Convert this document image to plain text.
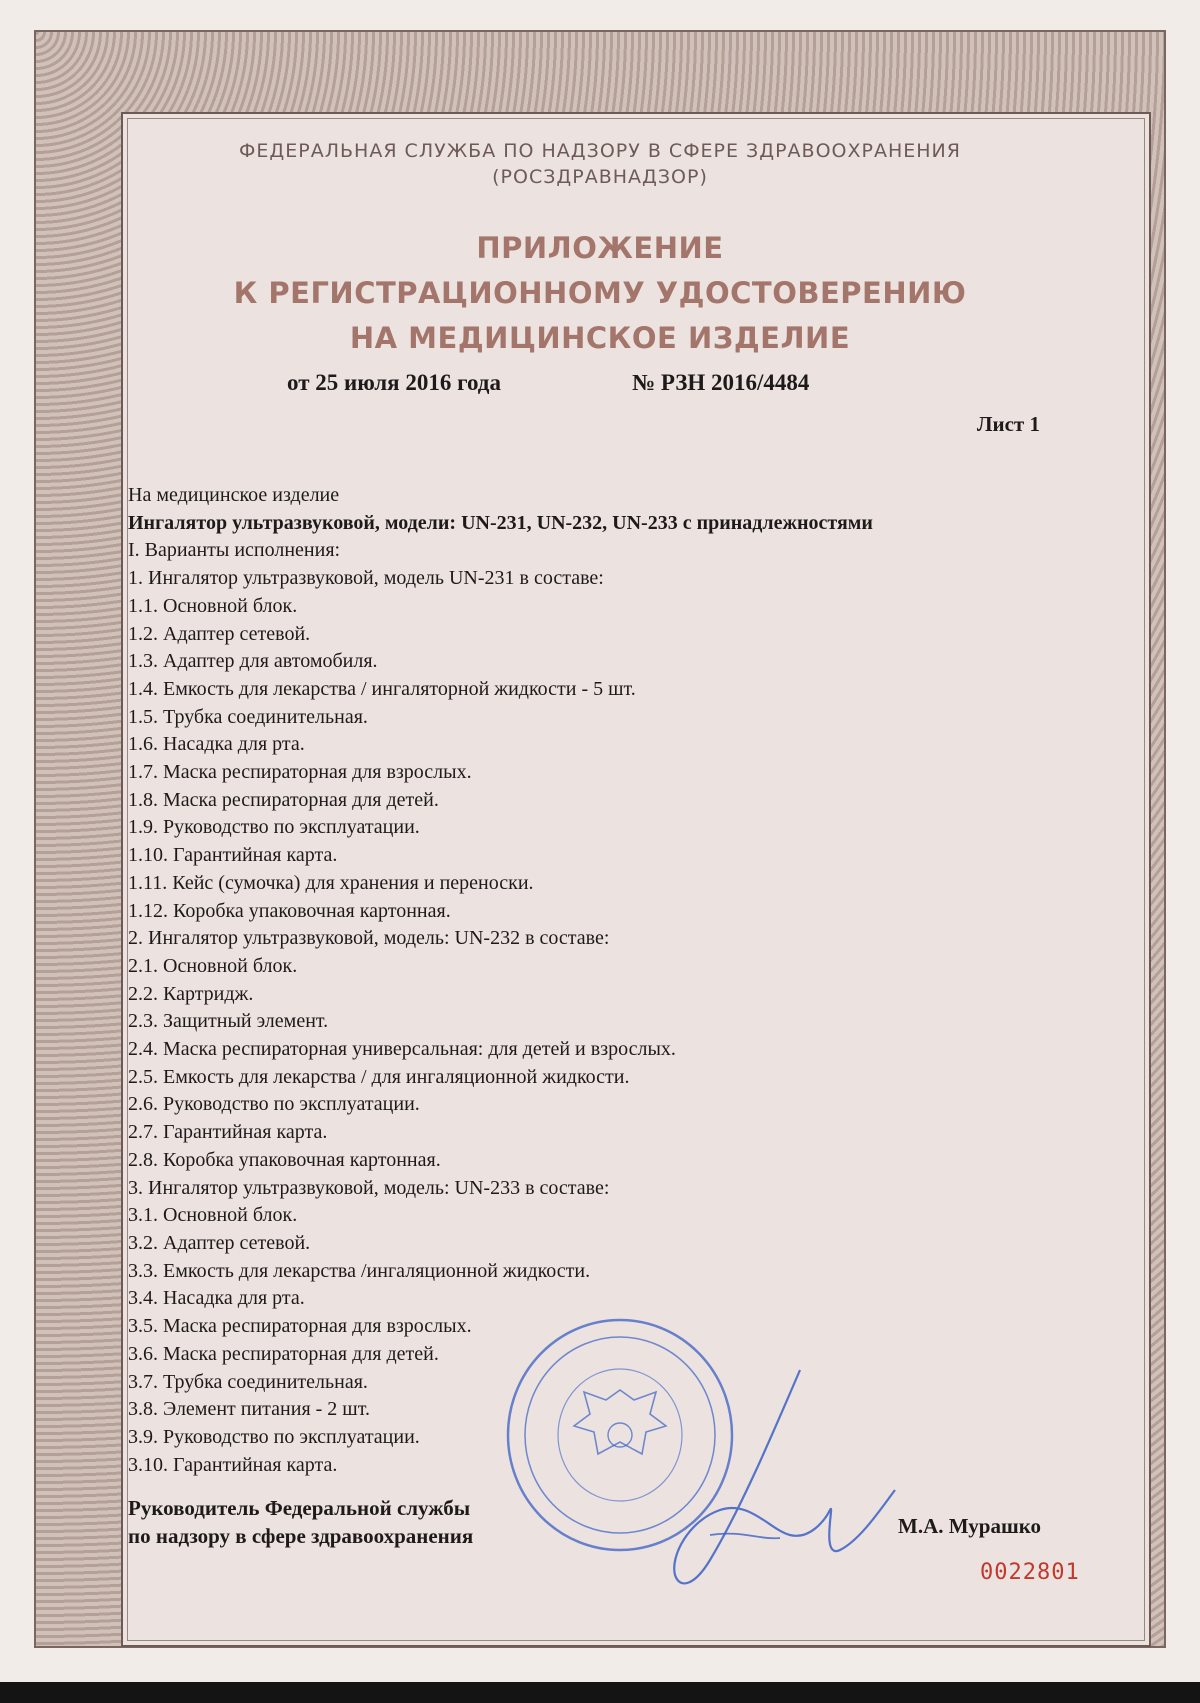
ФЕДЕРАЛЬНАЯ СЛУЖБА ПО НАДЗОРУ В СФЕРЕ ЗДРАВООХРАНЕНИЯ
(РОСЗДРАВНАДЗОР)
ПРИЛОЖЕНИЕ
К РЕГИСТРАЦИОННОМУ УДОСТОВЕРЕНИЮ
НА МЕДИЦИНСКОЕ ИЗДЕЛИЕ
от 25 июля 2016 года	№ РЗН 2016/4484
Лист 1
На медицинское изделие
Ингалятор ультразвуковой, модели: UN-231, UN-232, UN-233 с принадлежностями
I. Варианты исполнения:
1. Ингалятор ультразвуковой, модель UN-231 в составе:
1.1. Основной блок.
1.2. Адаптер сетевой.
1.3. Адаптер для автомобиля.
1.4. Емкость для лекарства / ингаляторной жидкости - 5 шт.
1.5. Трубка соединительная.
1.6. Насадка для рта.
1.7. Маска респираторная для взрослых.
1.8. Маска респираторная для детей.
1.9. Руководство по эксплуатации.
1.10. Гарантийная карта.
1.11. Кейс (сумочка) для хранения и переноски.
1.12. Коробка упаковочная картонная.
2. Ингалятор ультразвуковой, модель: UN-232 в составе:
2.1. Основной блок.
2.2. Картридж.
2.3. Защитный элемент.
2.4. Маска респираторная универсальная: для детей и взрослых.
2.5. Емкость для лекарства / для ингаляционной жидкости.
2.6. Руководство по эксплуатации.
2.7. Гарантийная карта.
2.8. Коробка упаковочная картонная.
3. Ингалятор ультразвуковой, модель: UN-233 в составе:
3.1. Основной блок.
3.2. Адаптер сетевой.
3.3. Емкость для лекарства /ингаляционной жидкости.
3.4. Насадка для рта.
3.5. Маска респираторная для взрослых.
3.6. Маска респираторная для детей.
3.7. Трубка соединительная.
3.8. Элемент питания - 2 шт.
3.9. Руководство по эксплуатации.
3.10. Гарантийная карта.
Руководитель Федеральной службы
по надзору в сфере здравоохранения	М.А. Мурашко
0022801
